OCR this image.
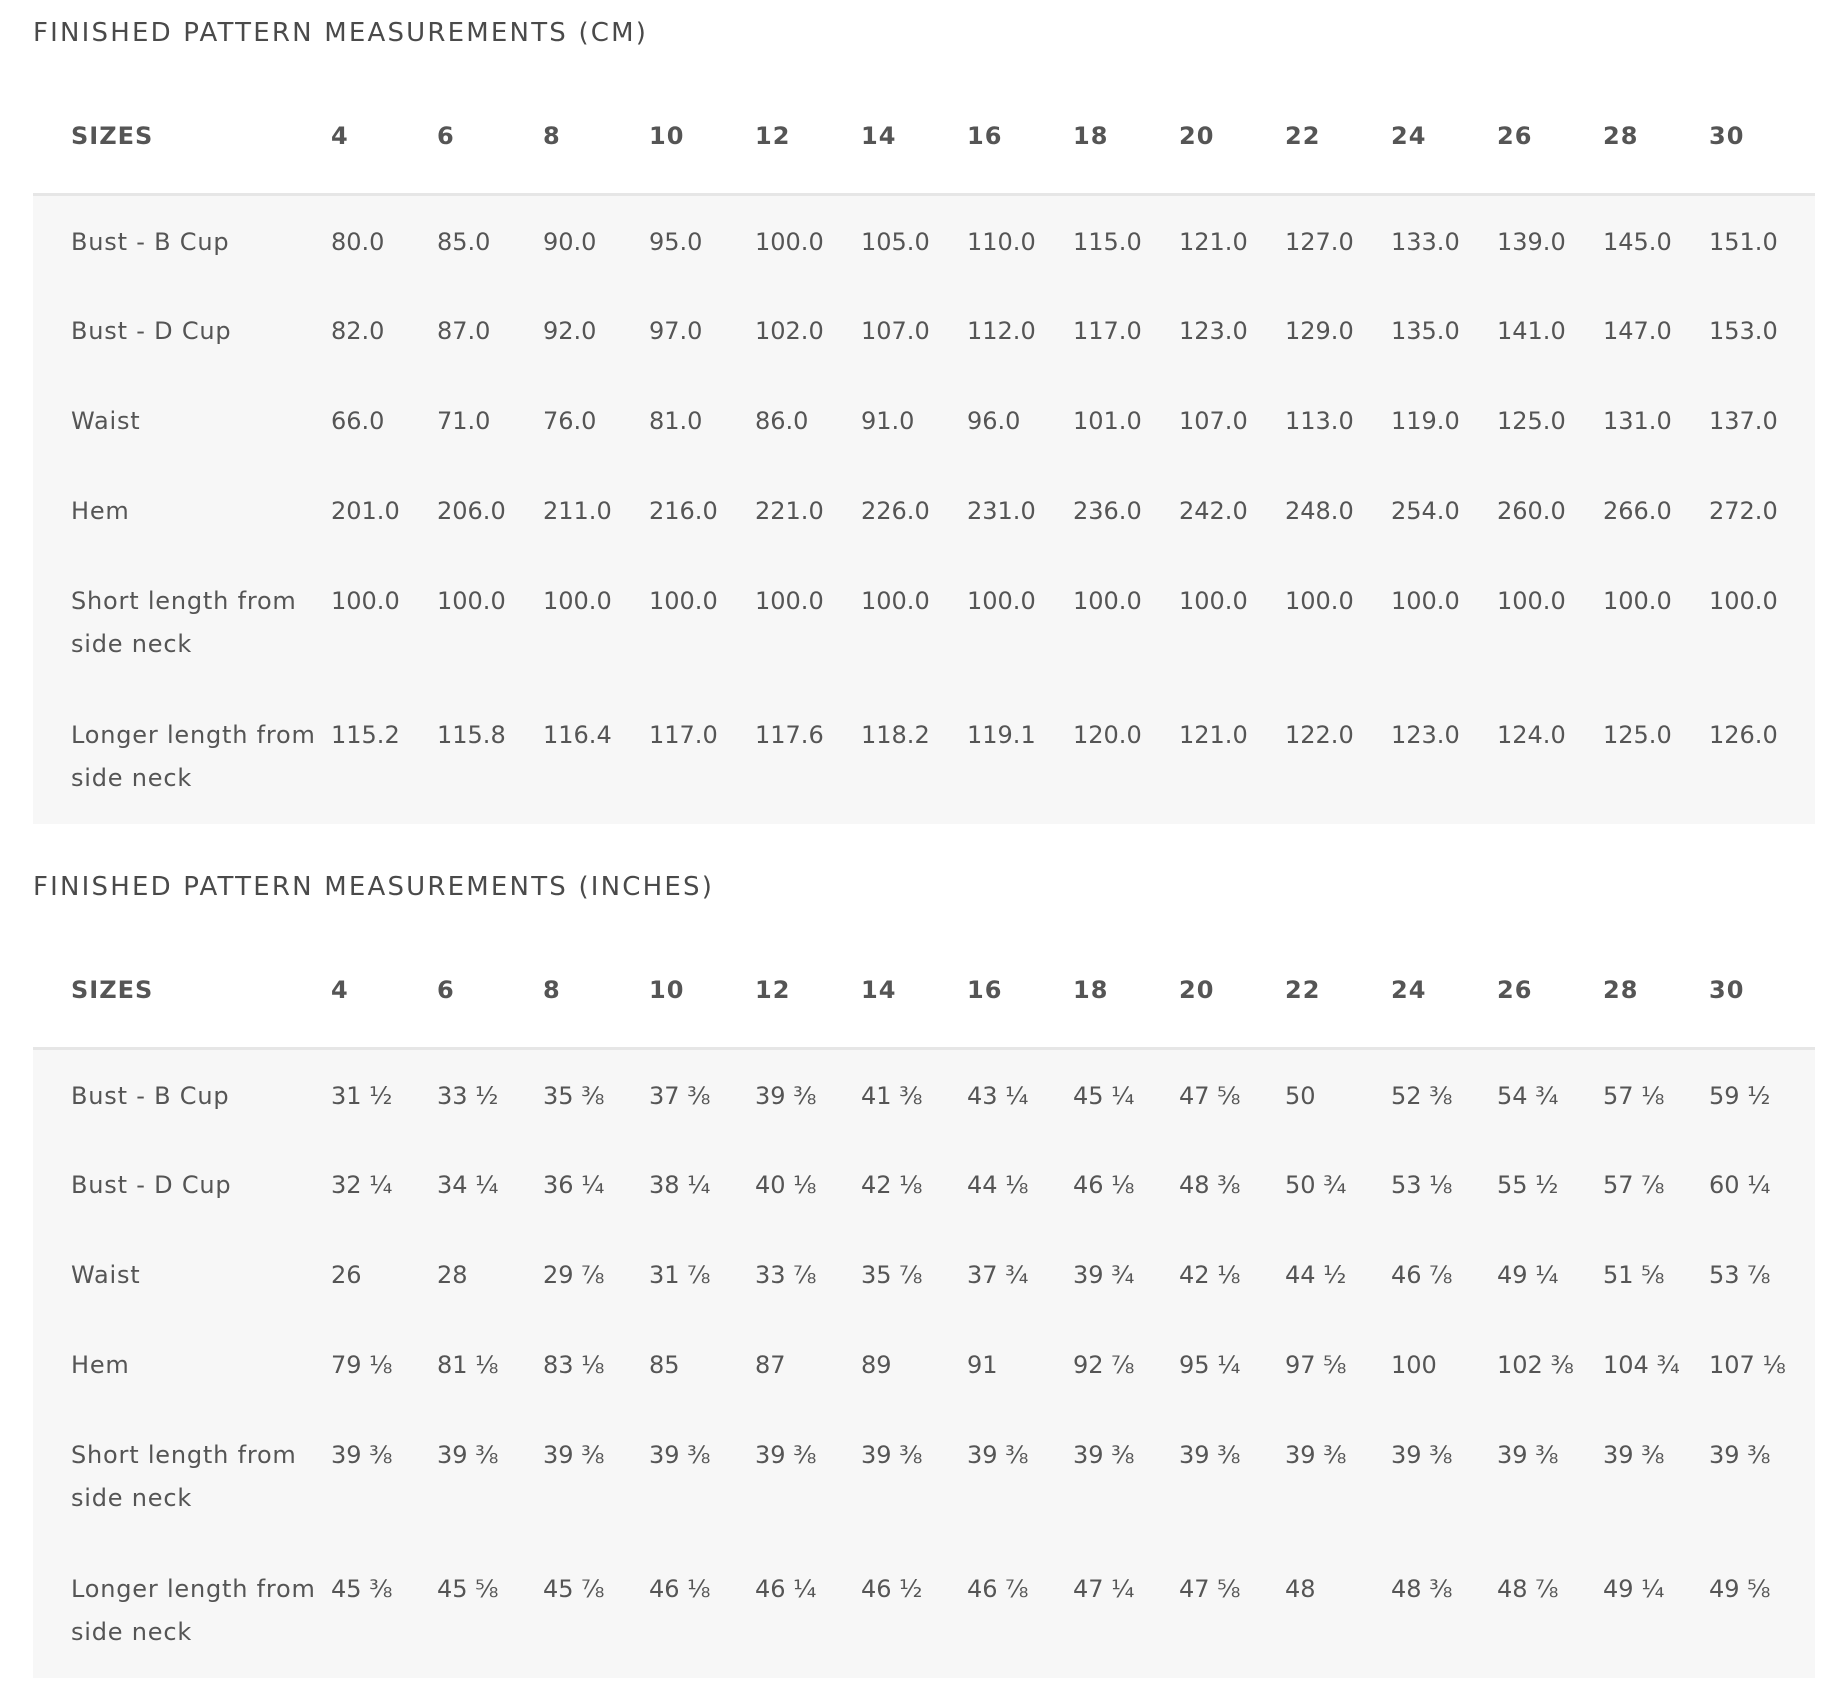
FINISHED PATTERN MEASUREMENTS (CM)
	SIZES	4	6	8	10	12	14	16	18	20	22	24	26	28	30
	Bust - B Cup	80.0	85.0	90.0	95.0	100.0	105.0	110.0	115.0	121.0	127.0	133.0	139.0	145.0	151.0
	Bust - D Cup	82.0	87.0	92.0	97.0	102.0	107.0	112.0	117.0	123.0	129.0	135.0	141.0	147.0	153.0
	Waist	66.0	71.0	76.0	81.0	86.0	91.0	96.0	101.0	107.0	113.0	119.0	125.0	131.0	137.0
	Hem	201.0	206.0	211.0	216.0	221.0	226.0	231.0	236.0	242.0	248.0	254.0	260.0	266.0	272.0
	Short length from side neck	100.0	100.0	100.0	100.0	100.0	100.0	100.0	100.0	100.0	100.0	100.0	100.0	100.0	100.0
	Longer length from side neck	115.2	115.8	116.4	117.0	117.6	118.2	119.1	120.0	121.0	122.0	123.0	124.0	125.0	126.0
FINISHED PATTERN MEASUREMENTS (INCHES)
	SIZES	4	6	8	10	12	14	16	18	20	22	24	26	28	30
	Bust - B Cup	31 ½	33 ½	35 ⅜	37 ⅜	39 ⅜	41 ⅜	43 ¼	45 ¼	47 ⅝	50	52 ⅜	54 ¾	57 ⅛	59 ½
	Bust - D Cup	32 ¼	34 ¼	36 ¼	38 ¼	40 ⅛	42 ⅛	44 ⅛	46 ⅛	48 ⅜	50 ¾	53 ⅛	55 ½	57 ⅞	60 ¼
	Waist	26	28	29 ⅞	31 ⅞	33 ⅞	35 ⅞	37 ¾	39 ¾	42 ⅛	44 ½	46 ⅞	49 ¼	51 ⅝	53 ⅞
	Hem	79 ⅛	81 ⅛	83 ⅛	85	87	89	91	92 ⅞	95 ¼	97 ⅝	100	102 ⅜	104 ¾	107 ⅛
	Short length from side neck	39 ⅜	39 ⅜	39 ⅜	39 ⅜	39 ⅜	39 ⅜	39 ⅜	39 ⅜	39 ⅜	39 ⅜	39 ⅜	39 ⅜	39 ⅜	39 ⅜
	Longer length from side neck	45 ⅜	45 ⅝	45 ⅞	46 ⅛	46 ¼	46 ½	46 ⅞	47 ¼	47 ⅝	48	48 ⅜	48 ⅞	49 ¼	49 ⅝
